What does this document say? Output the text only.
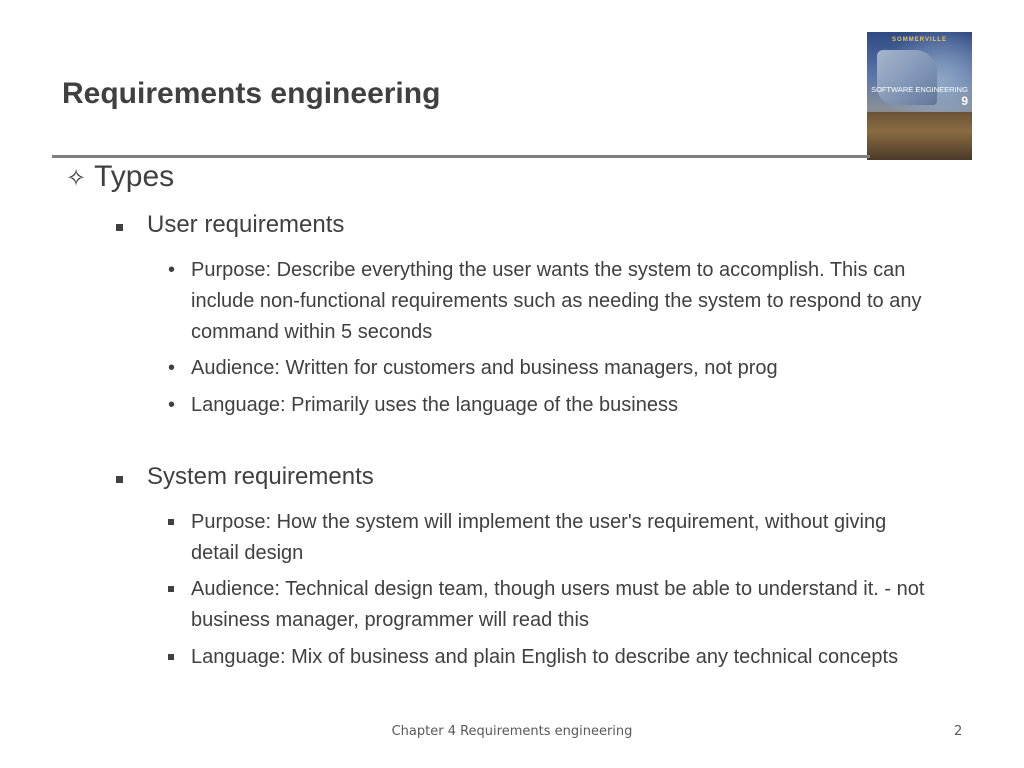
Requirements engineering
SOMMERVILLE
SOFTWARE ENGINEERING
9
✧ Types
User requirements
• Purpose: Describe everything the user wants the system to accomplish. This can include non-functional requirements such as needing the system to respond to any command within 5 seconds
• Audience: Written for customers and business managers, not prog
• Language: Primarily uses the language of the business
System requirements
Purpose: How the system will implement the user's requirement, without giving detail design
Audience: Technical design team, though users must be able to understand it. - not business manager, programmer will read this
Language: Mix of business and plain English to describe any technical concepts
Chapter 4 Requirements engineering	2
